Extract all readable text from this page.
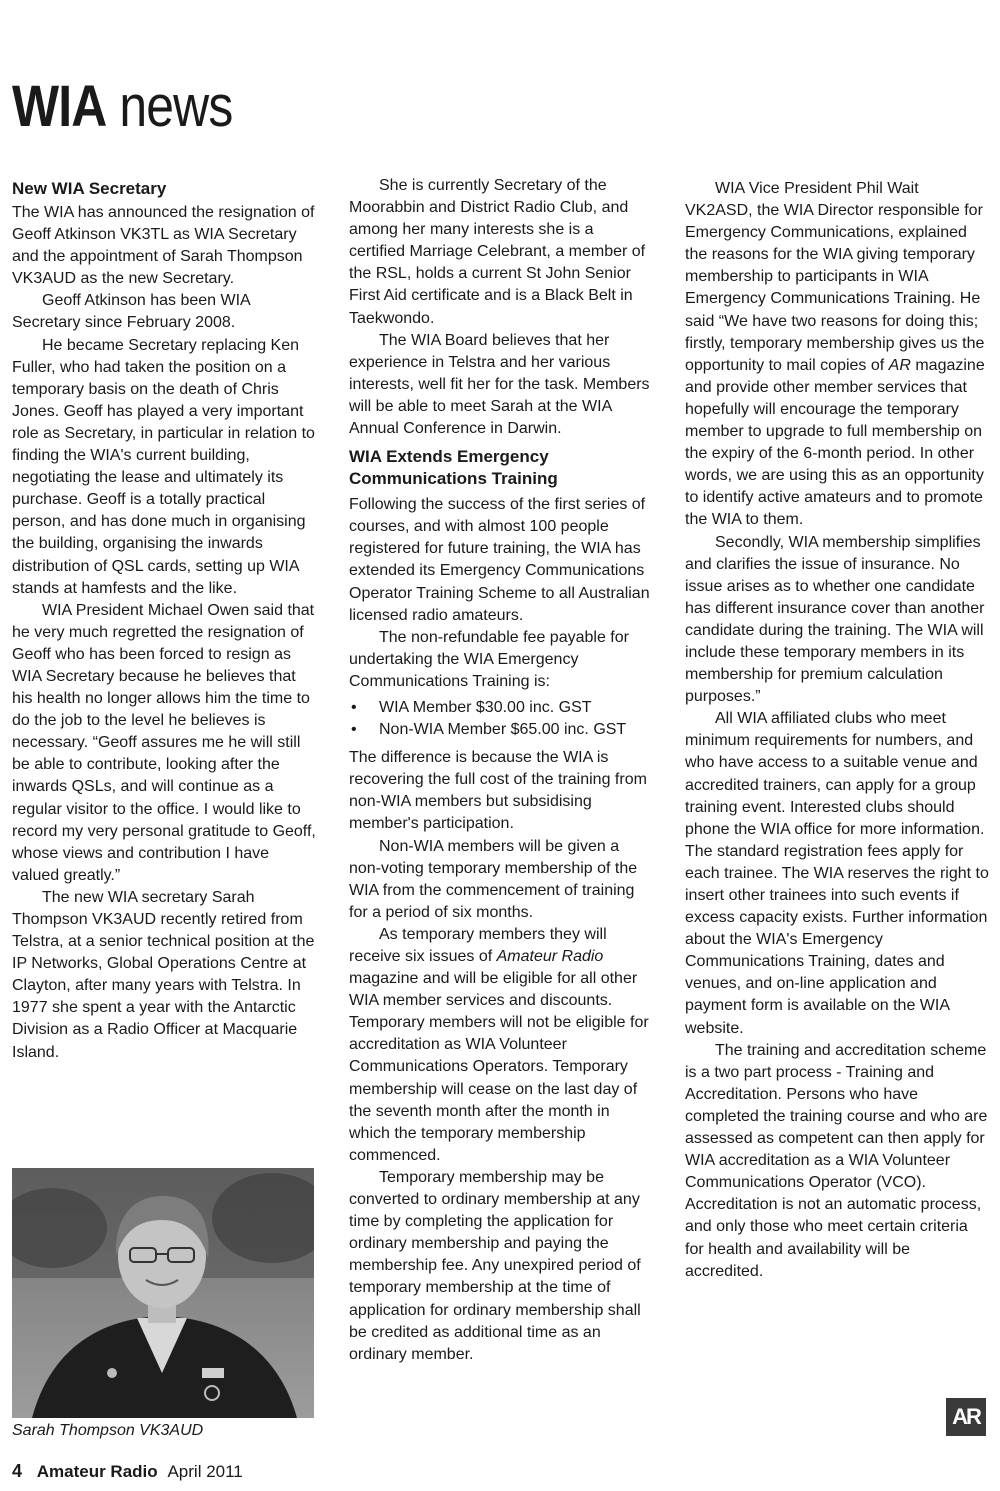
WIA news
New WIA Secretary

The WIA has announced the resignation of Geoff Atkinson VK3TL as WIA Secretary and the appointment of Sarah Thompson VK3AUD as the new Secretary.

Geoff Atkinson has been WIA Secretary since February 2008.

He became Secretary replacing Ken Fuller, who had taken the position on a temporary basis on the death of Chris Jones. Geoff has played a very important role as Secretary, in particular in relation to finding the WIA's current building, negotiating the lease and ultimately its purchase. Geoff is a totally practical person, and has done much in organising the building, organising the inwards distribution of QSL cards, setting up WIA stands at hamfests and the like.

WIA President Michael Owen said that he very much regretted the resignation of Geoff who has been forced to resign as WIA Secretary because he believes that his health no longer allows him the time to do the job to the level he believes is necessary. “Geoff assures me he will still be able to contribute, looking after the inwards QSLs, and will continue as a regular visitor to the office. I would like to record my very personal gratitude to Geoff, whose views and contribution I have valued greatly.”

The new WIA secretary Sarah Thompson VK3AUD recently retired from Telstra, at a senior technical position at the IP Networks, Global Operations Centre at Clayton, after many years with Telstra. In 1977 she spent a year with the Antarctic Division as a Radio Officer at Macquarie Island.

Sarah Thompson VK3AUD

She is currently Secretary of the Moorabbin and District Radio Club, and among her many interests she is a certified Marriage Celebrant, a member of the RSL, holds a current St John Senior First Aid certificate and is a Black Belt in Taekwondo.

The WIA Board believes that her experience in Telstra and her various interests, well fit her for the task. Members will be able to meet Sarah at the WIA Annual Conference in Darwin.

WIA Extends Emergency Communications Training

Following the success of the first series of courses, and with almost 100 people registered for future training, the WIA has extended its Emergency Communications Operator Training Scheme to all Australian licensed radio amateurs.

The non-refundable fee payable for undertaking the WIA Emergency Communications Training is:

• WIA Member $30.00 inc. GST
• Non-WIA Member $65.00 inc. GST

The difference is because the WIA is recovering the full cost of the training from non-WIA members but subsidising member's participation.

Non-WIA members will be given a non-voting temporary membership of the WIA from the commencement of training for a period of six months.

As temporary members they will receive six issues of Amateur Radio magazine and will be eligible for all other WIA member services and discounts. Temporary members will not be eligible for accreditation as WIA Volunteer Communications Operators. Temporary membership will cease on the last day of the seventh month after the month in which the temporary membership commenced.

Temporary membership may be converted to ordinary membership at any time by completing the application for ordinary membership and paying the membership fee. Any unexpired period of temporary membership at the time of application for ordinary membership shall be credited as additional time as an ordinary member.

WIA Vice President Phil Wait VK2ASD, the WIA Director responsible for Emergency Communications, explained the reasons for the WIA giving temporary membership to participants in WIA Emergency Communications Training. He said “We have two reasons for doing this; firstly, temporary membership gives us the opportunity to mail copies of AR magazine and provide other member services that hopefully will encourage the temporary member to upgrade to full membership on the expiry of the 6-month period. In other words, we are using this as an opportunity to identify active amateurs and to promote the WIA to them.

Secondly, WIA membership simplifies and clarifies the issue of insurance. No issue arises as to whether one candidate has different insurance cover than another candidate during the training. The WIA will include these temporary members in its membership for premium calculation purposes.”

All WIA affiliated clubs who meet minimum requirements for numbers, and who have access to a suitable venue and accredited trainers, can apply for a group training event. Interested clubs should phone the WIA office for more information. The standard registration fees apply for each trainee. The WIA reserves the right to insert other trainees into such events if excess capacity exists. Further information about the WIA's Emergency Communications Training, dates and venues, and on-line application and payment form is available on the WIA website.

The training and accreditation scheme is a two part process - Training and Accreditation. Persons who have completed the training course and who are assessed as competent can then apply for WIA accreditation as a WIA Volunteer Communications Operator (VCO). Accreditation is not an automatic process, and only those who meet certain criteria for health and availability will be accredited.

AR
4 Amateur Radio April 2011
